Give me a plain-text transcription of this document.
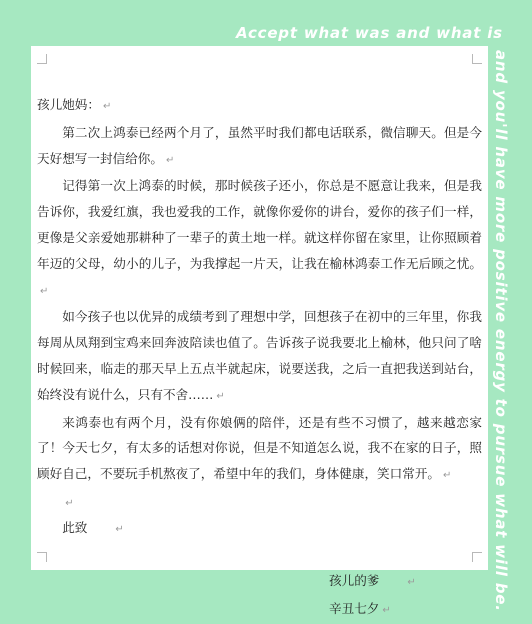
Accept what was and what is
and you'll have more positive energy to pursue what will be.

孩儿她妈： ↵

第二次上鸿泰已经两个月了，虽然平时我们都电话联系，微信聊天。但是今天好想写一封信给你。 ↵

记得第一次上鸿泰的时候，那时候孩子还小，你总是不愿意让我来，但是我告诉你，我爱红旗，我也爱我的工作，就像你爱你的讲台，爱你的孩子们一样，更像是父亲爱她那耕种了一辈子的黄土地一样。就这样你留在家里，让你照顾着年迈的父母，幼小的儿子，为我撑起一片天，让我在榆林鸿泰工作无后顾之忧。↵

如今孩子也以优异的成绩考到了理想中学，回想孩子在初中的三年里，你我每周从凤翔到宝鸡来回奔波陪读也值了。告诉孩子说我要北上榆林，他只问了啥时候回来，临走的那天早上五点半就起床，说要送我，之后一直把我送到站台，始终没有说什么，只有不舍…… ↵

来鸿泰也有两个月，没有你娘俩的陪伴，还是有些不习惯了，越来越恋家了！今天七夕，有太多的话想对你说，但是不知道怎么说，我不在家的日子，照顾好自己，不要玩手机熬夜了，希望中年的我们，身体健康，笑口常开。 ↵

↵

此致	↵

孩儿的爹	↵

辛丑七夕 ↵
